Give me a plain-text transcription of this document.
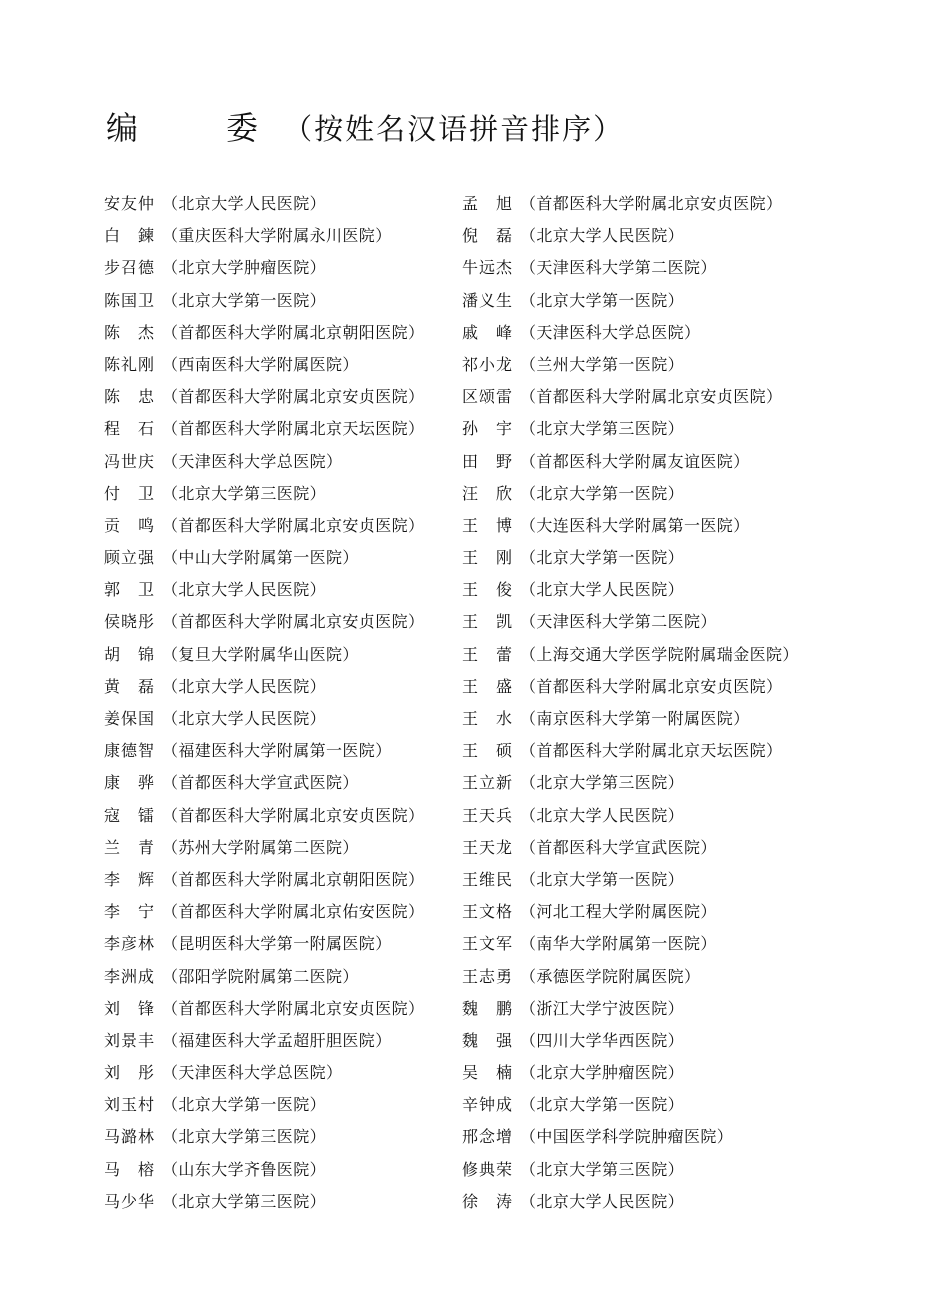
编　委 （按姓名汉语拼音排序）
安友仲 （北京大学人民医院）
白　鍊 （重庆医科大学附属永川医院）
步召德 （北京大学肿瘤医院）
陈国卫 （北京大学第一医院）
陈　杰 （首都医科大学附属北京朝阳医院）
陈礼刚 （西南医科大学附属医院）
陈　忠 （首都医科大学附属北京安贞医院）
程　石 （首都医科大学附属北京天坛医院）
冯世庆 （天津医科大学总医院）
付　卫 （北京大学第三医院）
贡　鸣 （首都医科大学附属北京安贞医院）
顾立强 （中山大学附属第一医院）
郭　卫 （北京大学人民医院）
侯晓彤 （首都医科大学附属北京安贞医院）
胡　锦 （复旦大学附属华山医院）
黄　磊 （北京大学人民医院）
姜保国 （北京大学人民医院）
康德智 （福建医科大学附属第一医院）
康　骅 （首都医科大学宣武医院）
寇　镭 （首都医科大学附属北京安贞医院）
兰　青 （苏州大学附属第二医院）
李　辉 （首都医科大学附属北京朝阳医院）
李　宁 （首都医科大学附属北京佑安医院）
李彦林 （昆明医科大学第一附属医院）
李洲成 （邵阳学院附属第二医院）
刘　锋 （首都医科大学附属北京安贞医院）
刘景丰 （福建医科大学孟超肝胆医院）
刘　彤 （天津医科大学总医院）
刘玉村 （北京大学第一医院）
马潞林 （北京大学第三医院）
马　榕 （山东大学齐鲁医院）
马少华 （北京大学第三医院）
孟　旭 （首都医科大学附属北京安贞医院）
倪　磊 （北京大学人民医院）
牛远杰 （天津医科大学第二医院）
潘义生 （北京大学第一医院）
戚　峰 （天津医科大学总医院）
祁小龙 （兰州大学第一医院）
区颂雷 （首都医科大学附属北京安贞医院）
孙　宇 （北京大学第三医院）
田　野 （首都医科大学附属友谊医院）
汪　欣 （北京大学第一医院）
王　博 （大连医科大学附属第一医院）
王　刚 （北京大学第一医院）
王　俊 （北京大学人民医院）
王　凯 （天津医科大学第二医院）
王　蕾 （上海交通大学医学院附属瑞金医院）
王　盛 （首都医科大学附属北京安贞医院）
王　水 （南京医科大学第一附属医院）
王　硕 （首都医科大学附属北京天坛医院）
王立新 （北京大学第三医院）
王天兵 （北京大学人民医院）
王天龙 （首都医科大学宣武医院）
王维民 （北京大学第一医院）
王文格 （河北工程大学附属医院）
王文军 （南华大学附属第一医院）
王志勇 （承德医学院附属医院）
魏　鹏 （浙江大学宁波医院）
魏　强 （四川大学华西医院）
吴　楠 （北京大学肿瘤医院）
辛钟成 （北京大学第一医院）
邢念增 （中国医学科学院肿瘤医院）
修典荣 （北京大学第三医院）
徐　涛 （北京大学人民医院）
